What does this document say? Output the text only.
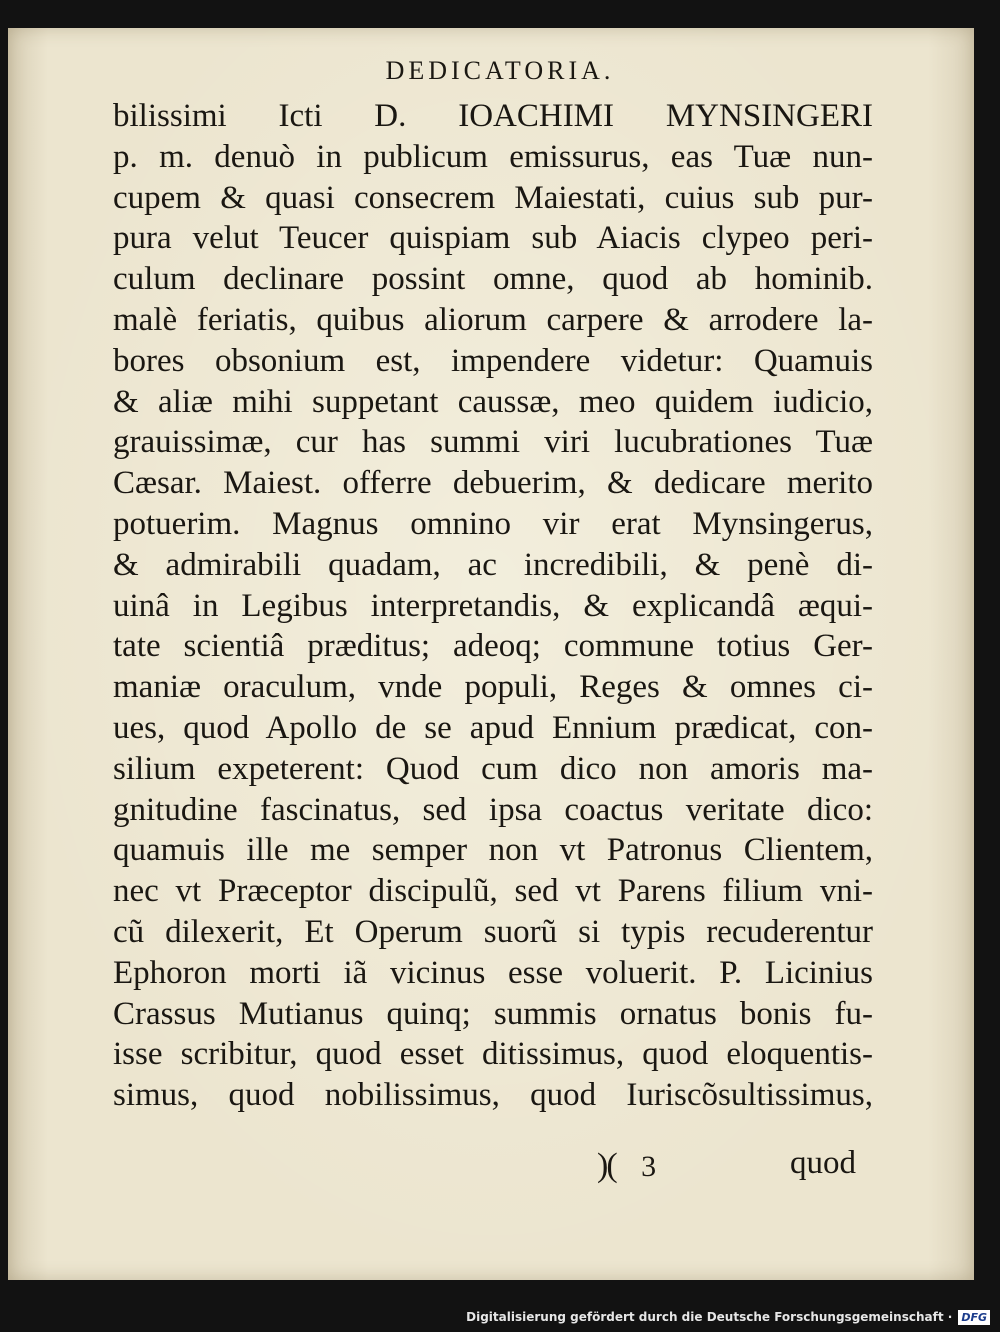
DEDICATORIA.
bilissimi Icti D. IOACHIMI MYNSINGERI
p. m. denuò in publicum emissurus, eas Tuæ nun-
cupem & quasi consecrem Maiestati, cuius sub pur-
pura velut Teucer quispiam sub Aiacis clypeo peri-
culum declinare possint omne, quod ab hominib.
malè feriatis, quibus aliorum carpere & arrodere la-
bores obsonium est, impendere videtur: Quamuis
& aliæ mihi suppetant caussæ, meo quidem iudicio,
grauissimæ, cur has summi viri lucubrationes Tuæ
Cæsar. Maiest. offerre debuerim, & dedicare merito
potuerim. Magnus omnino vir erat Mynsingerus,
& admirabili quadam, ac incredibili, & penè di-
uinâ in Legibus interpretandis, & explicandâ æqui-
tate scientiâ præditus; adeoq; commune totius Ger-
maniæ oraculum, vnde populi, Reges & omnes ci-
ues, quod Apollo de se apud Ennium prædicat, con-
silium expeterent: Quod cum dico non amoris ma-
gnitudine fascinatus, sed ipsa coactus veritate dico:
quamuis ille me semper non vt Patronus Clientem,
nec vt Præceptor discipulũ, sed vt Parens filium vni-
cũ dilexerit, Et Operum suorũ si typis recuderentur
Ephoron morti iã vicinus esse voluerit. P. Licinius
Crassus Mutianus quinq; summis ornatus bonis fu-
isse scribitur, quod esset ditissimus, quod eloquentis-
simus, quod nobilissimus, quod Iuriscõsultissimus,
)( 3	quod
Digitalisierung gefördert durch die Deutsche Forschungsgemeinschaft · DFG
